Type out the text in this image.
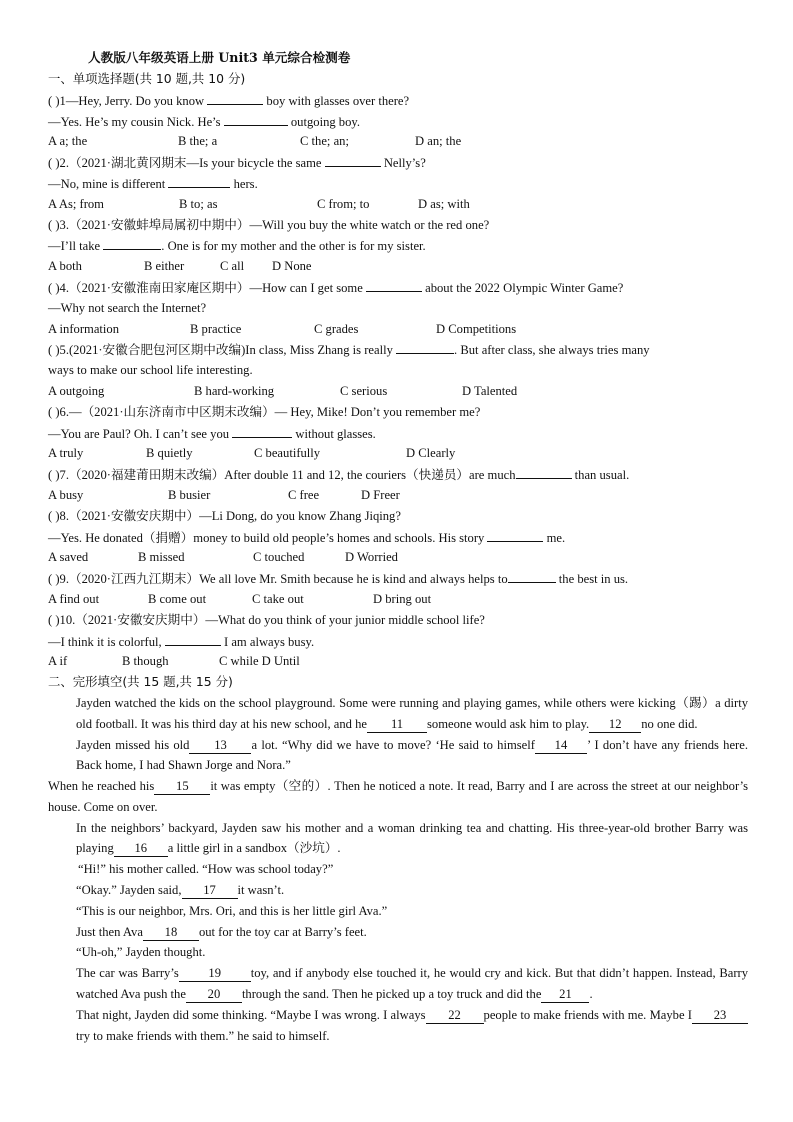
人教版八年级英语上册 Unit3 单元综合检测卷
一、单项选择题(共 10 题,共 10 分)
( )1—Hey, Jerry. Do you know	boy with glasses over there?
—Yes. He’s my cousin Nick. He’s	outgoing boy.
A a; the	B the; a	C the; an;	D an; the
( )2.（2021·湖北黄冈期末—Is your bicycle the same	Nelly’s?
—No, mine is different	hers.
A As; from	B to; as	C from; to	D as; with
( )3.（2021·安徽蚌埠局属初中期中）—Will you buy the white watch or the red one?
—I’ll take	. One is for my mother and the other is for my sister.
A both	B either	C all	D None
( )4.（2021·安徽淮南田家庵区期中）—How can I get some	about the 2022 Olympic Winter Game?
—Why not search the Internet?
A information	B practice	C grades	D Competitions
( )5.(2021·安徽合肥包河区期中改编)In class, Miss Zhang is really	. But after class, she always tries many
ways to make our school life interesting.
A outgoing	B hard-working	C serious	D Talented
( )6.—（2021·山东济南市中区期末改编）— Hey, Mike! Don’t you remember me?
—You are Paul? Oh. I can’t see you	without glasses.
A truly	B quietly	C beautifully	D Clearly
( )7.（2020·福建莆田期末改编）After double 11 and 12, the couriers（快递员）are much	than usual.
A busy	B busier	C free	D Freer
( )8.（2021·安徽安庆期中）—Li Dong, do you know Zhang Jiqing?
—Yes. He donated（捐赠）money to build old people’s homes and schools. His story	me.
A saved	B missed	C touched	D Worried
( )9.（2020·江西九江期末）We all love Mr. Smith because he is kind and always helps to	the best in us.
A find out	B come out	C take out	D bring out
( )10.（2021·安徽安庆期中）—What do you think of your junior middle school life?
—I think it is colorful,	I am always busy.
A if	B though	C while D Until
二、完形填空(共 15 题,共 15 分)
Jayden watched the kids on the school playground. Some were running and playing games, while others were kicking（踢）a dirty old football. It was his third day at his new school, and he 11 someone would ask him to play. 12 no one did.
Jayden missed his old 13 a lot. “Why did we have to move? ‘He said to himself 14 ’ I don’t have any friends here. Back home, I had Shawn Jorge and Nora.”
When he reached his 15 it was empty（空的）. Then he noticed a note. It read, Barry and I are across the street at our neighbor’s house. Come on over.
In the neighbors’ backyard, Jayden saw his mother and a woman drinking tea and chatting. His three-year-old brother Barry was playing 16 a little girl in a sandbox（沙坑）.
“Hi!” his mother called. “How was school today?”
“Okay.” Jayden said, 17 it wasn’t.
“This is our neighbor, Mrs. Ori, and this is her little girl Ava.”
Just then Ava 18 out for the toy car at Barry’s feet.
“Uh-oh,” Jayden thought.
The car was Barry’s 19 toy, and if anybody else touched it, he would cry and kick. But that didn’t happen. Instead, Barry watched Ava push the 20 through the sand. Then he picked up a toy truck and did the 21 .
That night, Jayden did some thinking. “Maybe I was wrong. I always 22 people to make friends with me. Maybe I 23try to make friends with them.” he said to himself.
